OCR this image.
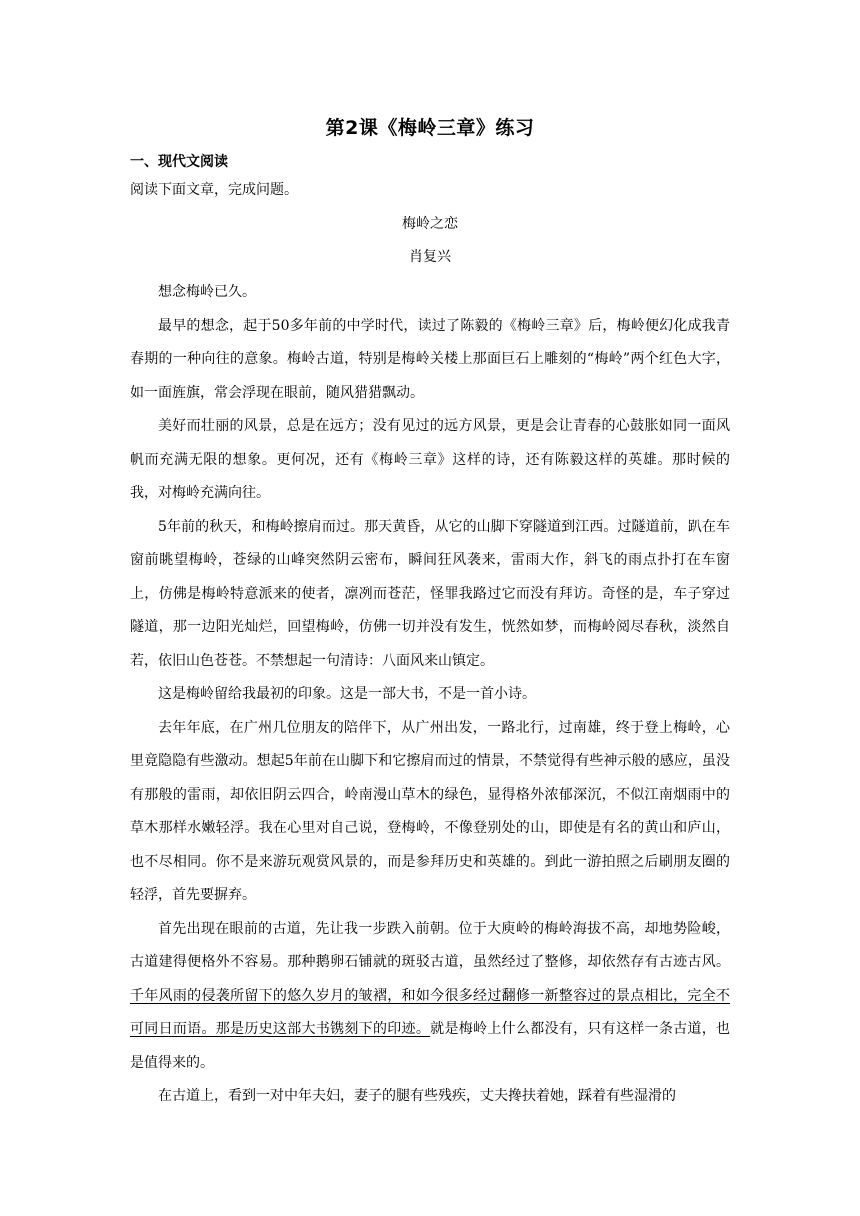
第2课《梅岭三章》练习
一、现代文阅读
阅读下面文章，完成问题。
梅岭之恋
肖复兴

想念梅岭已久。

最早的想念，起于50多年前的中学时代，读过了陈毅的《梅岭三章》后，梅岭便幻化成我青春期的一种向往的意象。梅岭古道，特别是梅岭关楼上那面巨石上雕刻的“梅岭”两个红色大字，如一面旌旗，常会浮现在眼前，随风猎猎飘动。

美好而壮丽的风景，总是在远方；没有见过的远方风景，更是会让青春的心鼓胀如同一面风帆而充满无限的想象。更何况，还有《梅岭三章》这样的诗，还有陈毅这样的英雄。那时候的我，对梅岭充满向往。

5年前的秋天，和梅岭擦肩而过。那天黄昏，从它的山脚下穿隧道到江西。过隧道前，趴在车窗前眺望梅岭，苍绿的山峰突然阴云密布，瞬间狂风袭来，雷雨大作，斜飞的雨点扑打在车窗上，仿佛是梅岭特意派来的使者，凛冽而苍茫，怪罪我路过它而没有拜访。奇怪的是，车子穿过隧道，那一边阳光灿烂，回望梅岭，仿佛一切并没有发生，恍然如梦，而梅岭阅尽春秋，淡然自若，依旧山色苍苍。不禁想起一句清诗：八面风来山镇定。

这是梅岭留给我最初的印象。这是一部大书，不是一首小诗。

去年年底，在广州几位朋友的陪伴下，从广州出发，一路北行，过南雄，终于登上梅岭，心里竟隐隐有些激动。想起5年前在山脚下和它擦肩而过的情景，不禁觉得有些神示般的感应，虽没有那般的雷雨，却依旧阴云四合，岭南漫山草木的绿色，显得格外浓郁深沉，不似江南烟雨中的草木那样水嫩轻浮。我在心里对自己说，登梅岭，不像登别处的山，即使是有名的黄山和庐山，也不尽相同。你不是来游玩观赏风景的，而是参拜历史和英雄的。到此一游拍照之后刷朋友圈的轻浮，首先要摒弃。

首先出现在眼前的古道，先让我一步跌入前朝。位于大庾岭的梅岭海拔不高，却地势险峻，古道建得便格外不容易。那种鹅卵石铺就的斑驳古道，虽然经过了整修，却依然存有古迹古风。千年风雨的侵袭所留下的悠久岁月的皱褶，和如今很多经过翻修一新整容过的景点相比，完全不可同日而语。那是历史这部大书镌刻下的印迹。就是梅岭上什么都没有，只有这样一条古道，也是值得来的。

在古道上，看到一对中年夫妇，妻子的腿有些残疾，丈夫搀扶着她，踩着有些湿滑的
